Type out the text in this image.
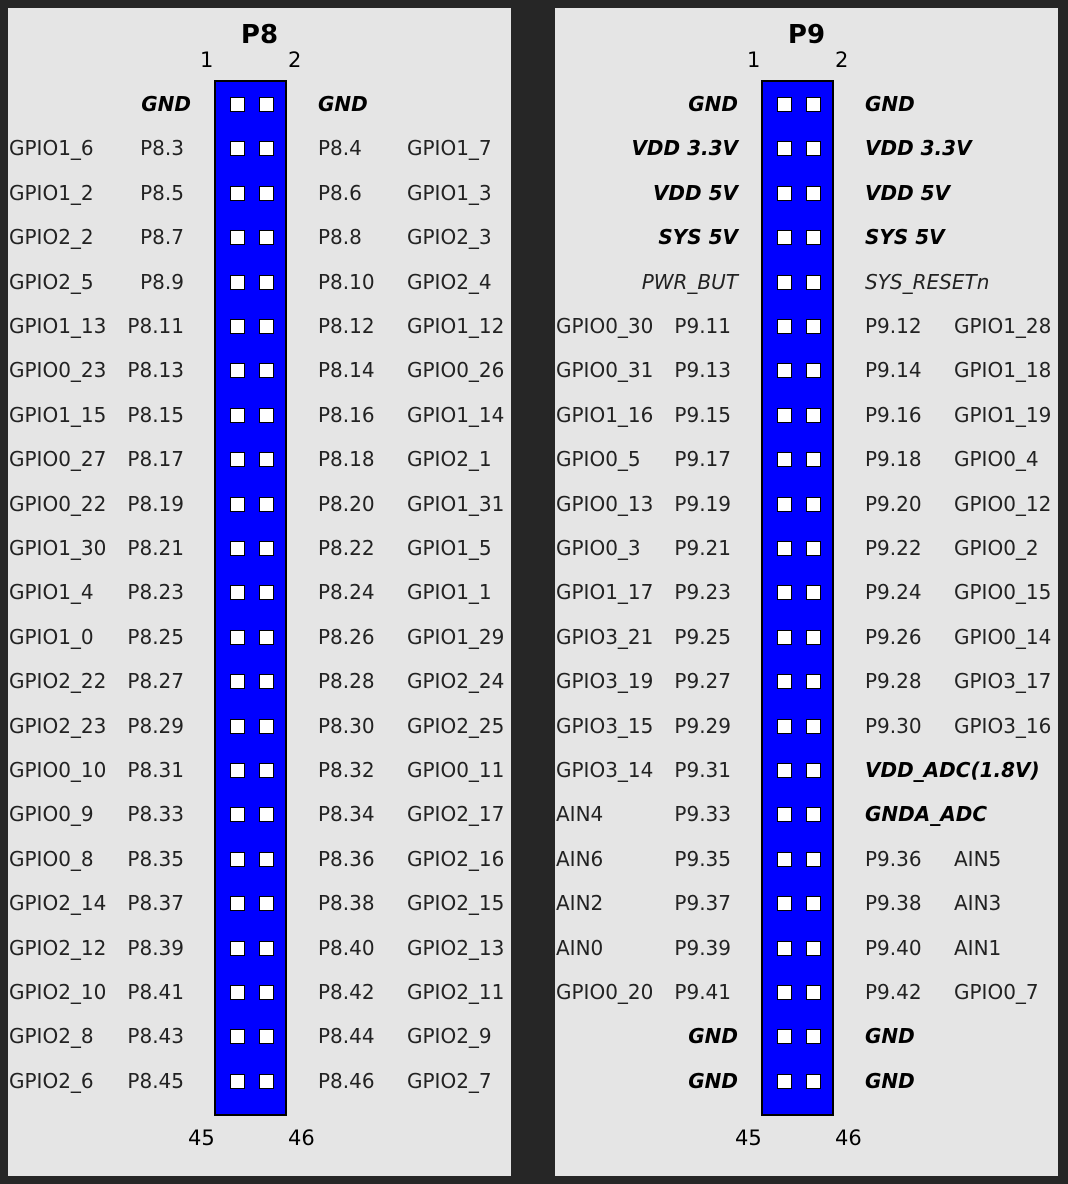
P8
1	2
GND	GND
GPIO1_6	P8.3	P8.4 GPIO1_7
GPIO1_2	P8.5	P8.6 GPIO1_3
GPIO2_2	P8.7	P8.8 GPIO2_3
GPIO2_5	P8.9	P8.10 GPIO2_4
GPIO1_13	P8.11	P8.12 GPIO1_12
GPIO0_23	P8.13	P8.14 GPIO0_26
GPIO1_15	P8.15	P8.16 GPIO1_14
GPIO0_27	P8.17	P8.18 GPIO2_1
GPIO0_22	P8.19	P8.20 GPIO1_31
GPIO1_30	P8.21	P8.22 GPIO1_5
GPIO1_4	P8.23	P8.24 GPIO1_1
GPIO1_0	P8.25	P8.26 GPIO1_29
GPIO2_22	P8.27	P8.28 GPIO2_24
GPIO2_23	P8.29	P8.30 GPIO2_25
GPIO0_10	P8.31	P8.32 GPIO0_11
GPIO0_9	P8.33	P8.34 GPIO2_17
GPIO0_8	P8.35	P8.36 GPIO2_16
GPIO2_14	P8.37	P8.38 GPIO2_15
GPIO2_12	P8.39	P8.40 GPIO2_13
GPIO2_10	P8.41	P8.42 GPIO2_11
GPIO2_8	P8.43	P8.44 GPIO2_9
GPIO2_6	P8.45	P8.46 GPIO2_7
45	46
P9
1	2
GND	GND
VDD 3.3V	VDD 3.3V
VDD 5V	VDD 5V
SYS 5V	SYS 5V
PWR_BUT	SYS_RESETn
GPIO0_30	P9.11	P9.12 GPIO1_28
GPIO0_31	P9.13	P9.14 GPIO1_18
GPIO1_16	P9.15	P9.16 GPIO1_19
GPIO0_5	P9.17	P9.18 GPIO0_4
GPIO0_13	P9.19	P9.20 GPIO0_12
GPIO0_3	P9.21	P9.22 GPIO0_2
GPIO1_17	P9.23	P9.24 GPIO0_15
GPIO3_21	P9.25	P9.26 GPIO0_14
GPIO3_19	P9.27	P9.28 GPIO3_17
GPIO3_15	P9.29	P9.30 GPIO3_16
GPIO3_14	P9.31	VDD_ADC(1.8V)
AIN4	P9.33	GNDA_ADC
AIN6	P9.35	P9.36 AIN5
AIN2	P9.37	P9.38 AIN3
AIN0	P9.39	P9.40 AIN1
GPIO0_20	P9.41	P9.42 GPIO0_7
GND	GND
GND	GND
45	46
